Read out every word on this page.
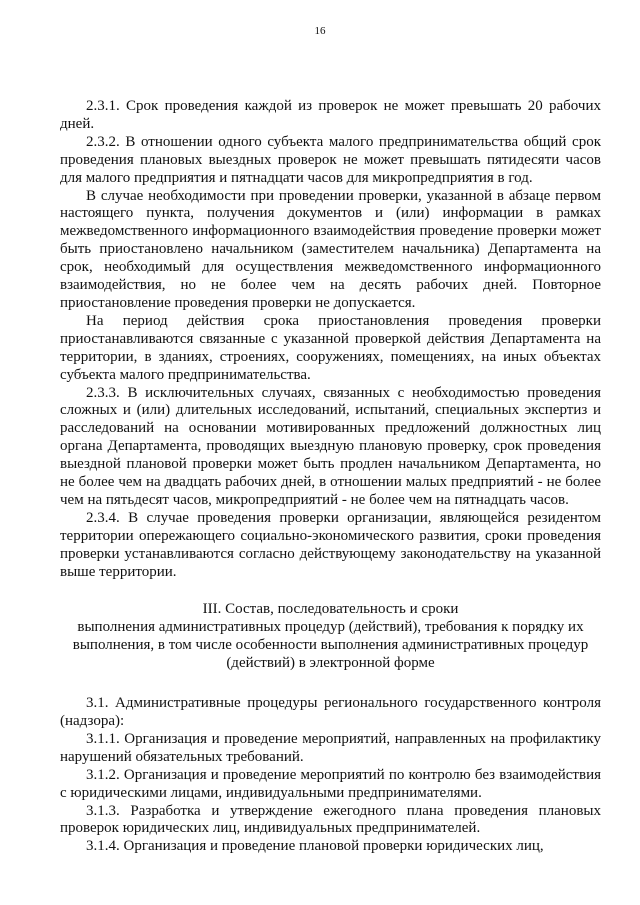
16

2.3.1. Срок проведения каждой из проверок не может превышать 20 рабочих дней.

2.3.2. В отношении одного субъекта малого предпринимательства общий срок проведения плановых выездных проверок не может превышать пятидесяти часов для малого предприятия и пятнадцати часов для микропредприятия в год.

В случае необходимости при проведении проверки, указанной в абзаце первом настоящего пункта, получения документов и (или) информации в рамках межведомственного информационного взаимодействия проведение проверки может быть приостановлено начальником (заместителем начальника) Департамента на срок, необходимый для осуществления межведомственного информационного взаимодействия, но не более чем на десять рабочих дней. Повторное приостановление проведения проверки не допускается.

На период действия срока приостановления проведения проверки приостанавливаются связанные с указанной проверкой действия Департамента на территории, в зданиях, строениях, сооружениях, помещениях, на иных объектах субъекта малого предпринимательства.

2.3.3. В исключительных случаях, связанных с необходимостью проведения сложных и (или) длительных исследований, испытаний, специальных экспертиз и расследований на основании мотивированных предложений должностных лиц органа Департамента, проводящих выездную плановую проверку, срок проведения выездной плановой проверки может быть продлен начальником Департамента, но не более чем на двадцать рабочих дней, в отношении малых предприятий - не более чем на пятьдесят часов, микропредприятий - не более чем на пятнадцать часов.

2.3.4. В случае проведения проверки организации, являющейся резидентом территории опережающего социально-экономического развития, сроки проведения проверки устанавливаются согласно действующему законодательству на указанной выше территории.

III. Состав, последовательность и сроки
выполнения административных процедур (действий), требования к порядку их
выполнения, в том числе особенности выполнения административных процедур
(действий) в электронной форме

3.1. Административные процедуры регионального государственного контроля (надзора):

3.1.1. Организация и проведение мероприятий, направленных на профилактику нарушений обязательных требований.

3.1.2. Организация и проведение мероприятий по контролю без взаимодействия с юридическими лицами, индивидуальными предпринимателями.

3.1.3. Разработка и утверждение ежегодного плана проведения плановых проверок юридических лиц, индивидуальных предпринимателей.

3.1.4. Организация и проведение плановой проверки юридических лиц,
